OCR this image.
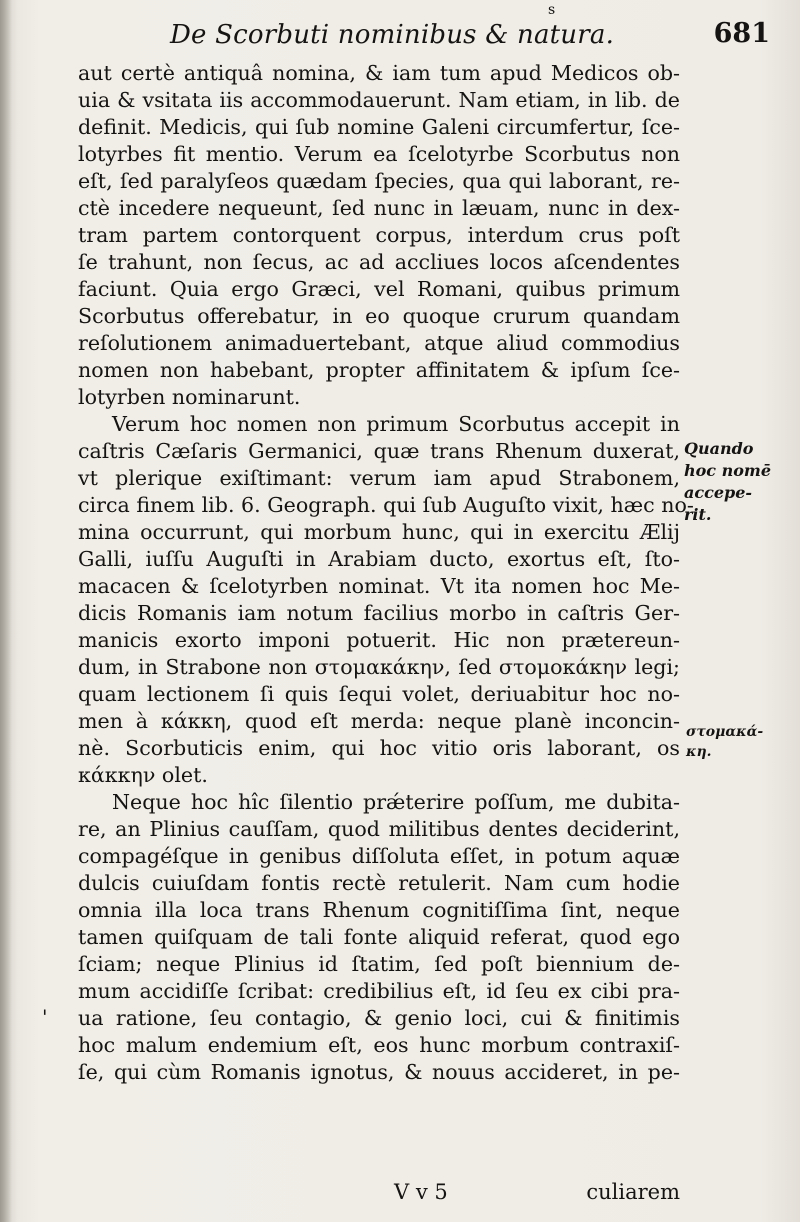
s
De Scorbuti nominibus & natura.	681
aut certè antiquâ nomina, & iam tum apud Medicos ob-
uia & vsitata iis accommodauerunt. Nam etiam, in lib. de
definit. Medicis, qui ſub nomine Galeni circumfertur, ſce-
lotyrbes fit mentio. Verum ea ſcelotyrbe Scorbutus non
eſt, ſed paralyſeos quædam ſpecies, qua qui laborant, re-
ctè incedere nequeunt, ſed nunc in læuam, nunc in dex-
tram partem contorquent corpus, interdum crus poſt
ſe trahunt, non ſecus, ac ad accliues locos aſcendentes
faciunt. Quia ergo Græci, vel Romani, quibus primum
Scorbutus offerebatur, in eo quoque crurum quandam
reſolutionem animaduertebant, atque aliud commodius
nomen non habebant, propter affinitatem & ipſum ſce-
lotyrben nominarunt.
Verum hoc nomen non primum Scorbutus accepit in
caſtris Cæſaris Germanici, quæ trans Rhenum duxerat,
vt plerique exiſtimant: verum iam apud Strabonem,
circa finem lib. 6. Geograph. qui ſub Auguſto vixit, hæc no-
mina occurrunt, qui morbum hunc, qui in exercitu Ælij
Galli, iuſſu Auguſti in Arabiam ducto, exortus eſt, ſto-
macacen & ſcelotyrben nominat. Vt ita nomen hoc Me-
dicis Romanis iam notum facilius morbo in caſtris Ger-
manicis exorto imponi potuerit. Hic non prætereun-
dum, in Strabone non στομακάκην, ſed στομοκάκην legi;
quam lectionem ſi quis ſequi volet, deriuabitur hoc no-
men à κάκκη, quod eſt merda: neque planè inconcin-
nè. Scorbuticis enim, qui hoc vitio oris laborant, os
κάκκην olet.
Neque hoc hîc ſilentio prǽterire poſſum, me dubita-
re, an Plinius cauſſam, quod militibus dentes deciderint,
compagéſque in genibus diſſoluta eſſet, in potum aquæ
dulcis cuiuſdam fontis rectè retulerit. Nam cum hodie
omnia illa loca trans Rhenum cognitiſſima ſint, neque
tamen quiſquam de tali fonte aliquid referat, quod ego
ſciam; neque Plinius id ſtatim, ſed poſt biennium de-
mum accidiſſe ſcribat: credibilius eſt, id ſeu ex cibi pra-
ua ratione, ſeu contagio, & genio loci, cui & finitimis
hoc malum endemium eſt, eos hunc morbum contraxiſ-
ſe, qui cùm Romanis ignotus, & nouus accideret, in pe-
Quando
hoc nomē
accepe-
rit.
στομακά-
κη.
'
V v 5	culiarem
